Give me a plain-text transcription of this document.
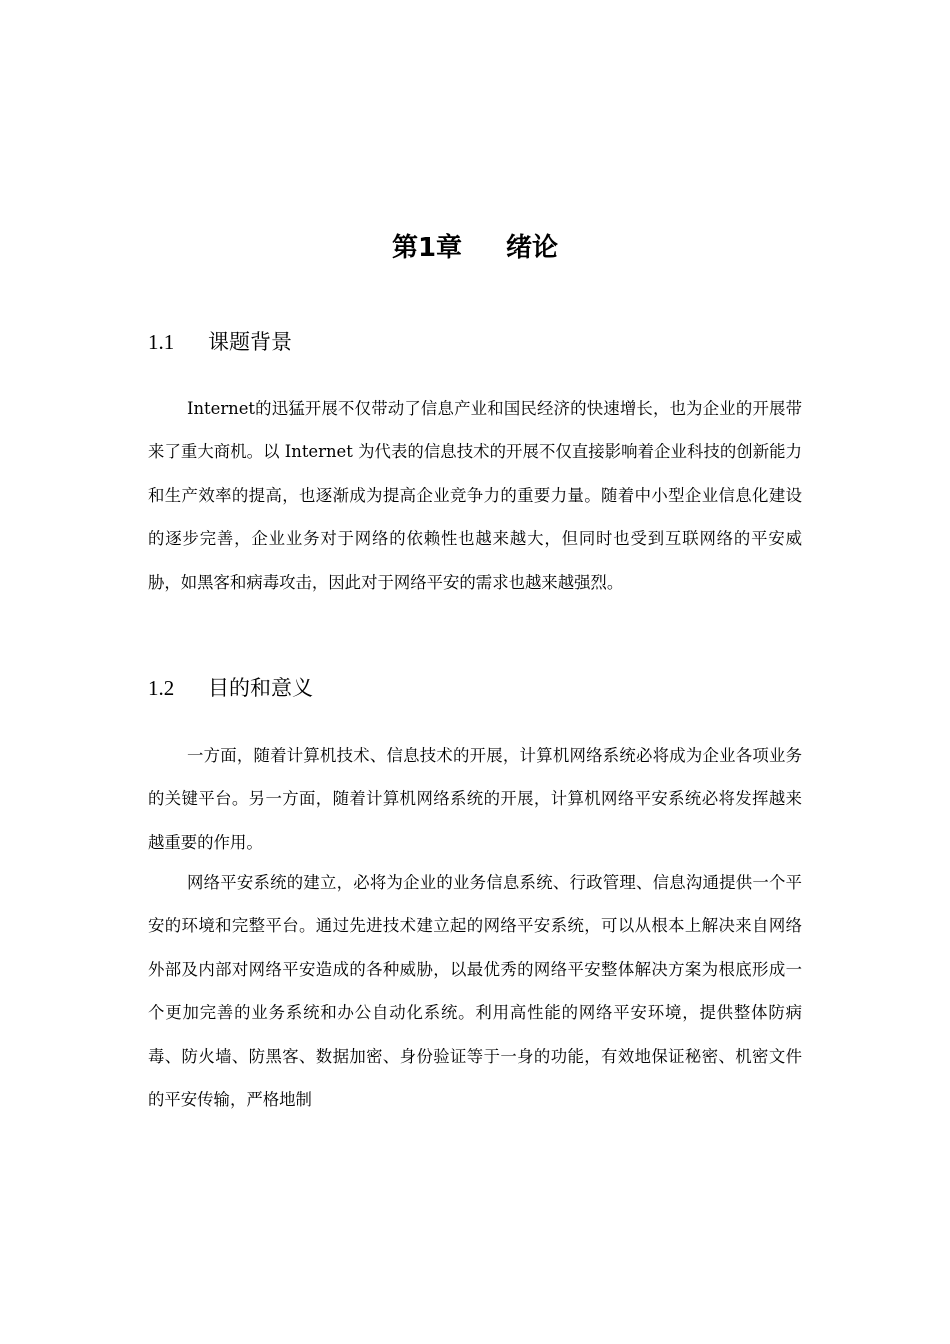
第1章 绪论
1.1 课题背景

Internet的迅猛开展不仅带动了信息产业和国民经济的快速增长，也为企业的开展带来了重大商机。以 Internet 为代表的信息技术的开展不仅直接影响着企业科技的创新能力和生产效率的提高，也逐渐成为提高企业竞争力的重要力量。随着中小型企业信息化建设的逐步完善，企业业务对于网络的依赖性也越来越大，但同时也受到互联网络的平安威胁，如黑客和病毒攻击，因此对于网络平安的需求也越来越强烈。

1.2 目的和意义

一方面，随着计算机技术、信息技术的开展，计算机网络系统必将成为企业各项业务的关键平台。另一方面，随着计算机网络系统的开展，计算机网络平安系统必将发挥越来越重要的作用。

网络平安系统的建立，必将为企业的业务信息系统、行政管理、信息沟通提供一个平安的环境和完整平台。通过先进技术建立起的网络平安系统，可以从根本上解决来自网络外部及内部对网络平安造成的各种威胁，以最优秀的网络平安整体解决方案为根底形成一个更加完善的业务系统和办公自动化系统。利用高性能的网络平安环境，提供整体防病毒、防火墙、防黑客、数据加密、身份验证等于一身的功能，有效地保证秘密、机密文件的平安传输，严格地制
